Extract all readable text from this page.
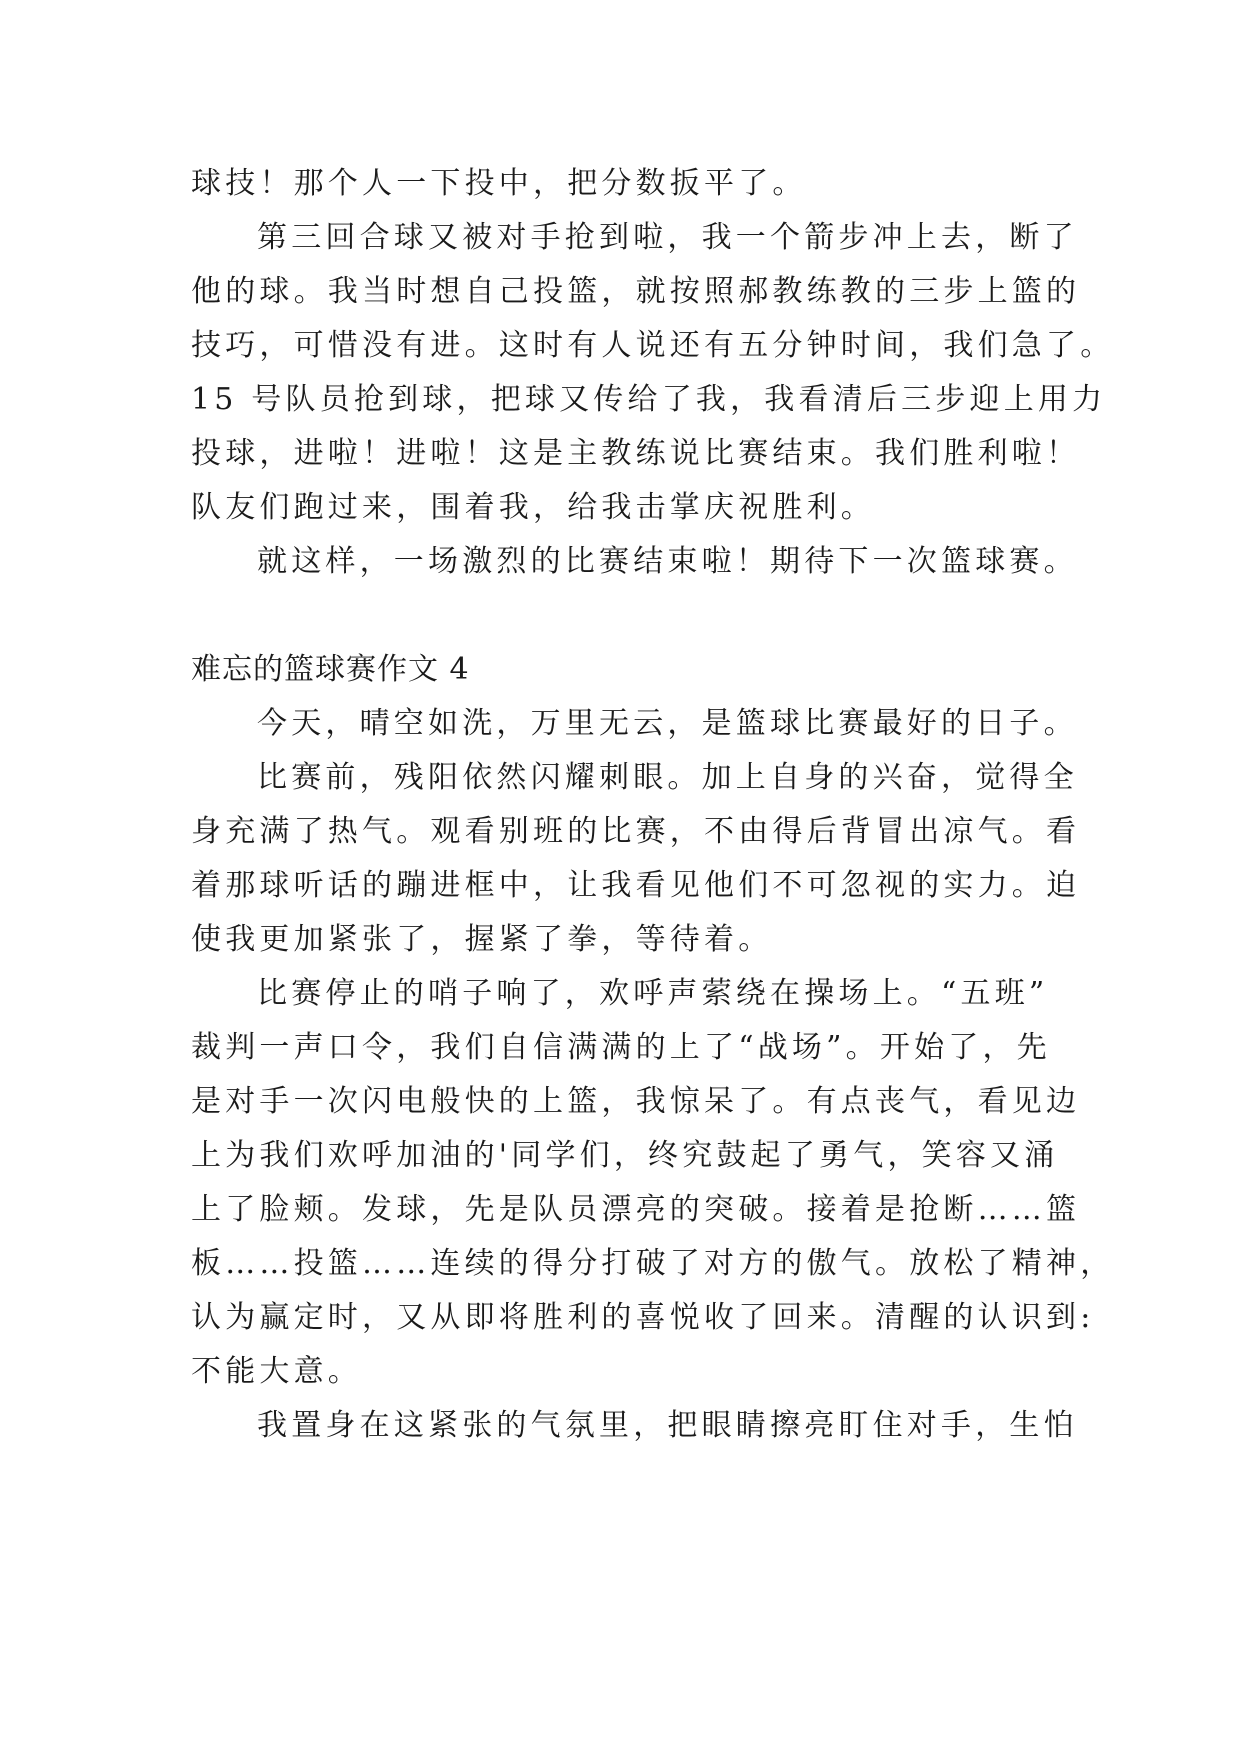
球技！那个人一下投中，把分数扳平了。
第三回合球又被对手抢到啦，我一个箭步冲上去，断了
他的球。我当时想自己投篮，就按照郝教练教的三步上篮的
技巧，可惜没有进。这时有人说还有五分钟时间，我们急了。
15 号队员抢到球，把球又传给了我，我看清后三步迎上用力
投球，进啦！进啦！这是主教练说比赛结束。我们胜利啦！
队友们跑过来，围着我，给我击掌庆祝胜利。
就这样，一场激烈的比赛结束啦！期待下一次篮球赛。
难忘的篮球赛作文 4
今天，晴空如洗，万里无云，是篮球比赛最好的日子。
比赛前，残阳依然闪耀刺眼。加上自身的兴奋，觉得全
身充满了热气。观看别班的比赛，不由得后背冒出凉气。看
着那球听话的蹦进框中，让我看见他们不可忽视的实力。迫
使我更加紧张了，握紧了拳，等待着。
比赛停止的哨子响了，欢呼声萦绕在操场上。“五班”
裁判一声口令，我们自信满满的上了“战场”。开始了，先
是对手一次闪电般快的上篮，我惊呆了。有点丧气，看见边
上为我们欢呼加油的'同学们，终究鼓起了勇气，笑容又涌
上了脸颊。发球，先是队员漂亮的突破。接着是抢断……篮
板……投篮……连续的得分打破了对方的傲气。放松了精神，
认为赢定时，又从即将胜利的喜悦收了回来。清醒的认识到:
不能大意。
我置身在这紧张的气氛里，把眼睛擦亮盯住对手，生怕
